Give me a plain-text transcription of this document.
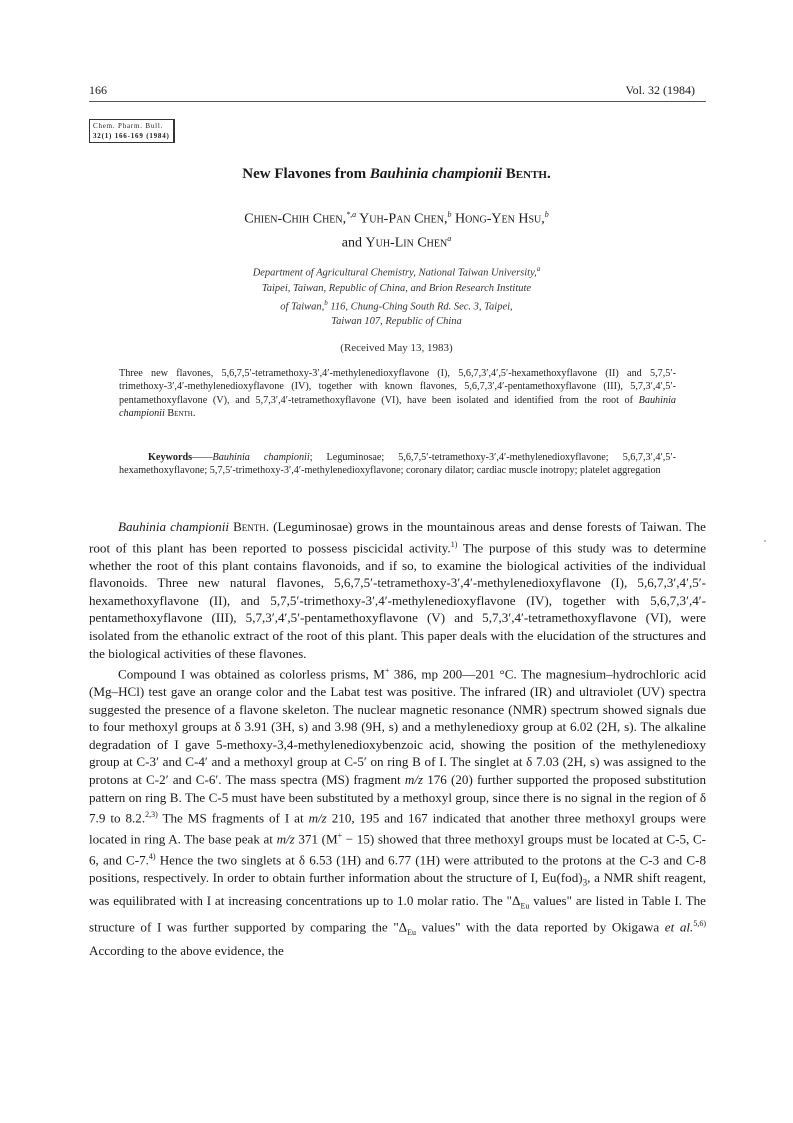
166	Vol. 32 (1984)
Chem. Pharm. Bull.
32(1) 166-169 (1984)
New Flavones from Bauhinia championii Benth.
Chien-Chih Chen,$^{*,a}$ Yuh-Pan Chen,$^b$ Hong-Yen Hsu,$^b$
and Yuh-Lin Chen$^a$
Department of Agricultural Chemistry, National Taiwan University,$^a$
Taipei, Taiwan, Republic of China, and Brion Research Institute
of Taiwan,$^b$ 116, Chung-Ching South Rd. Sec. 3, Taipei,
Taiwan 107, Republic of China
(Received May 13, 1983)
Three new flavones, 5,6,7,5′-tetramethoxy-3′,4′-methylenedioxyflavone (I), 5,6,7,3′,4′,5′-hexamethoxyflavone (II) and 5,7,5′-trimethoxy-3′,4′-methylenedioxyflavone (IV), together with known flavones, 5,6,7,3′,4′-pentamethoxyflavone (III), 5,7,3′,4′,5′-pentamethoxyflavone (V), and 5,7,3′,4′-tetramethoxyflavone (VI), have been isolated and identified from the root of Bauhinia championii Benth.
Keywords——Bauhinia championii; Leguminosae; 5,6,7,5′-tetramethoxy-3′,4′-methylenedioxyflavone; 5,6,7,3′,4′,5′-hexamethoxyflavone; 5,7,5′-trimethoxy-3′,4′-methylenedioxyflavone; coronary dilator; cardiac muscle inotropy; platelet aggregation

Bauhinia championii Benth. (Leguminosae) grows in the mountainous areas and dense forests of Taiwan. The root of this plant has been reported to possess piscicidal activity.$^{1)}$ The purpose of this study was to determine whether the root of this plant contains flavonoids, and if so, to examine the biological activities of the individual flavonoids. Three new natural flavones, 5,6,7,5′-tetramethoxy-3′,4′-methylenedioxyflavone (I), 5,6,7,3′,4′,5′-hexamethoxyflavone (II), and 5,7,5′-trimethoxy-3′,4′-methylenedioxyflavone (IV), together with 5,6,7,3′,4′-pentamethoxyflavone (III), 5,7,3′,4′,5′-pentamethoxyflavone (V) and 5,7,3′,4′-tetramethoxyflavone (VI), were isolated from the ethanolic extract of the root of this plant. This paper deals with the elucidation of the structures and the biological activities of these flavones.

Compound I was obtained as colorless prisms, M+ 386, mp 200—201 °C. The magnesium–hydrochloric acid (Mg–HCl) test gave an orange color and the Labat test was positive. The infrared (IR) and ultraviolet (UV) spectra suggested the presence of a flavone skeleton. The nuclear magnetic resonance (NMR) spectrum showed signals due to four methoxyl groups at δ 3.91 (3H, s) and 3.98 (9H, s) and a methylenedioxy group at 6.02 (2H, s). The alkaline degradation of I gave 5-methoxy-3,4-methylenedioxybenzoic acid, showing the position of the methylenedioxy group at C-3′ and C-4′ and a methoxyl group at C-5′ on ring B of I. The singlet at δ 7.03 (2H, s) was assigned to the protons at C-2′ and C-6′. The mass spectra (MS) fragment m/z 176 (20) further supported the proposed substitution pattern on ring B. The C-5 must have been substituted by a methoxyl group, since there is no signal in the region of δ 7.9 to 8.2.$^{2,3)}$ The MS fragments of I at m/z 210, 195 and 167 indicated that another three methoxyl groups were located in ring A. The base peak at m/z 371 (M+ − 15) showed that three methoxyl groups must be located at C-5, C-6, and C-7.$^{4)}$ Hence the two singlets at δ 6.53 (1H) and 6.77 (1H) were attributed to the protons at the C-3 and C-8 positions, respectively. In order to obtain further information about the structure of I, $Eu(fod)_3$, a NMR shift reagent, was equilibrated with I at increasing concentrations up to 1.0 molar ratio. The "$\Delta_{Eu}$ values" are listed in Table I. The structure of I was further supported by comparing the "$\Delta_{Eu}$ values" with the data reported by Okigawa et al.$^{5,6)}$ According to the above evidence, the
